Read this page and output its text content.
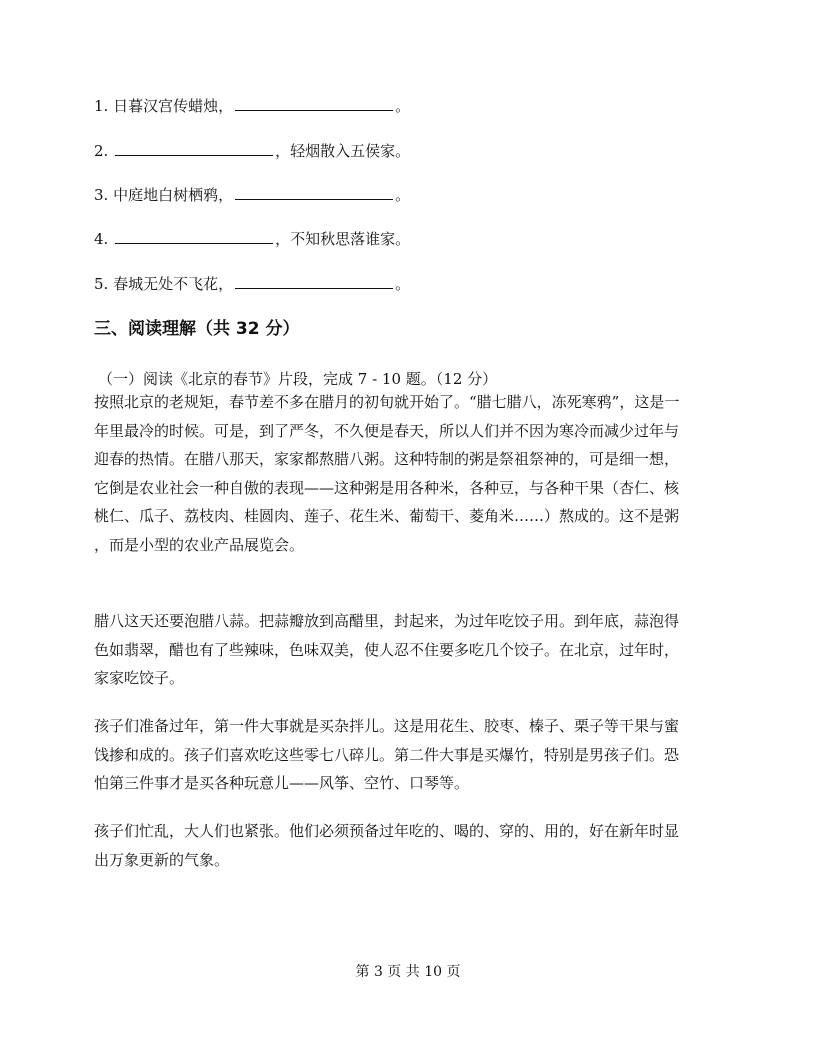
1. 日暮汉宫传蜡烛，	。
2.	，轻烟散入五侯家。
3. 中庭地白树栖鸦，	。
4.	，不知秋思落谁家。
5. 春城无处不飞花，	。
三、阅读理解（共 32 分）
（一）阅读《北京的春节》片段，完成 7 - 10 题。（12 分）
按照北京的老规矩，春节差不多在腊月的初旬就开始了。“腊七腊八，冻死寒鸦”，这是一
年里最冷的时候。可是，到了严冬，不久便是春天，所以人们并不因为寒冷而减少过年与
迎春的热情。在腊八那天，家家都熬腊八粥。这种特制的粥是祭祖祭神的，可是细一想，
它倒是农业社会一种自傲的表现——这种粥是用各种米，各种豆，与各种干果（杏仁、核
桃仁、瓜子、荔枝肉、桂圆肉、莲子、花生米、葡萄干、菱角米……）熬成的。这不是粥
，而是小型的农业产品展览会。
腊八这天还要泡腊八蒜。把蒜瓣放到高醋里，封起来，为过年吃饺子用。到年底，蒜泡得
色如翡翠，醋也有了些辣味，色味双美，使人忍不住要多吃几个饺子。在北京，过年时，
家家吃饺子。
孩子们准备过年，第一件大事就是买杂拌儿。这是用花生、胶枣、榛子、栗子等干果与蜜
饯掺和成的。孩子们喜欢吃这些零七八碎儿。第二件大事是买爆竹，特别是男孩子们。恐
怕第三件事才是买各种玩意儿——风筝、空竹、口琴等。
孩子们忙乱，大人们也紧张。他们必须预备过年吃的、喝的、穿的、用的，好在新年时显
出万象更新的气象。
第 3 页 共 10 页
